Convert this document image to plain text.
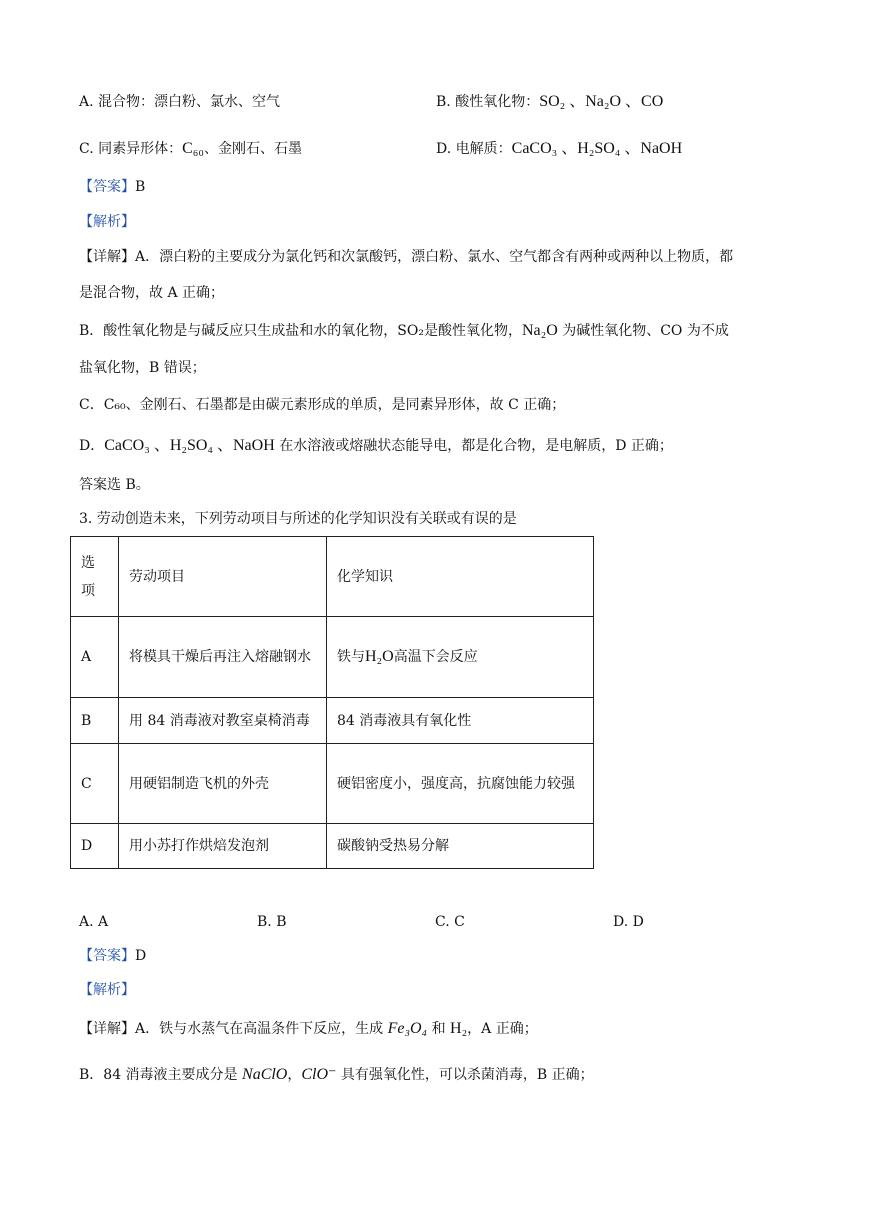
A. 混合物：漂白粉、氯水、空气	B. 酸性氧化物：SO₂ 、Na₂O 、CO
C. 同素异形体：C₆₀、金刚石、石墨	D. 电解质：CaCO₃ 、H₂SO₄ 、NaOH
【答案】B
【解析】
【详解】A．漂白粉的主要成分为氯化钙和次氯酸钙，漂白粉、氯水、空气都含有两种或两种以上物质，都
是混合物，故 A 正确；
B．酸性氧化物是与碱反应只生成盐和水的氧化物，SO₂是酸性氧化物，Na₂O 为碱性氧化物、CO 为不成
盐氧化物，B 错误；
C．C₆₀、金刚石、石墨都是由碳元素形成的单质，是同素异形体，故 C 正确；
D．CaCO₃ 、H₂SO₄ 、NaOH 在水溶液或熔融状态能导电，都是化合物，是电解质，D 正确；
答案选 B。
3. 劳动创造未来，下列劳动项目与所述的化学知识没有关联或有误的是
选
项	劳动项目	化学知识
A	将模具干燥后再注入熔融钢水	铁与H₂O高温下会反应
B	用 84 消毒液对教室桌椅消毒	84 消毒液具有氧化性
C	用硬铝制造飞机的外壳	硬铝密度小，强度高，抗腐蚀能力较强
D	用小苏打作烘焙发泡剂	碳酸钠受热易分解
A. A	B. B	C. C	D. D
【答案】D
【解析】
【详解】A．铁与水蒸气在高温条件下反应，生成 Fe₃O₄ 和 H₂，A 正确；
B．84 消毒液主要成分是 NaClO，ClO⁻ 具有强氧化性，可以杀菌消毒，B 正确；
